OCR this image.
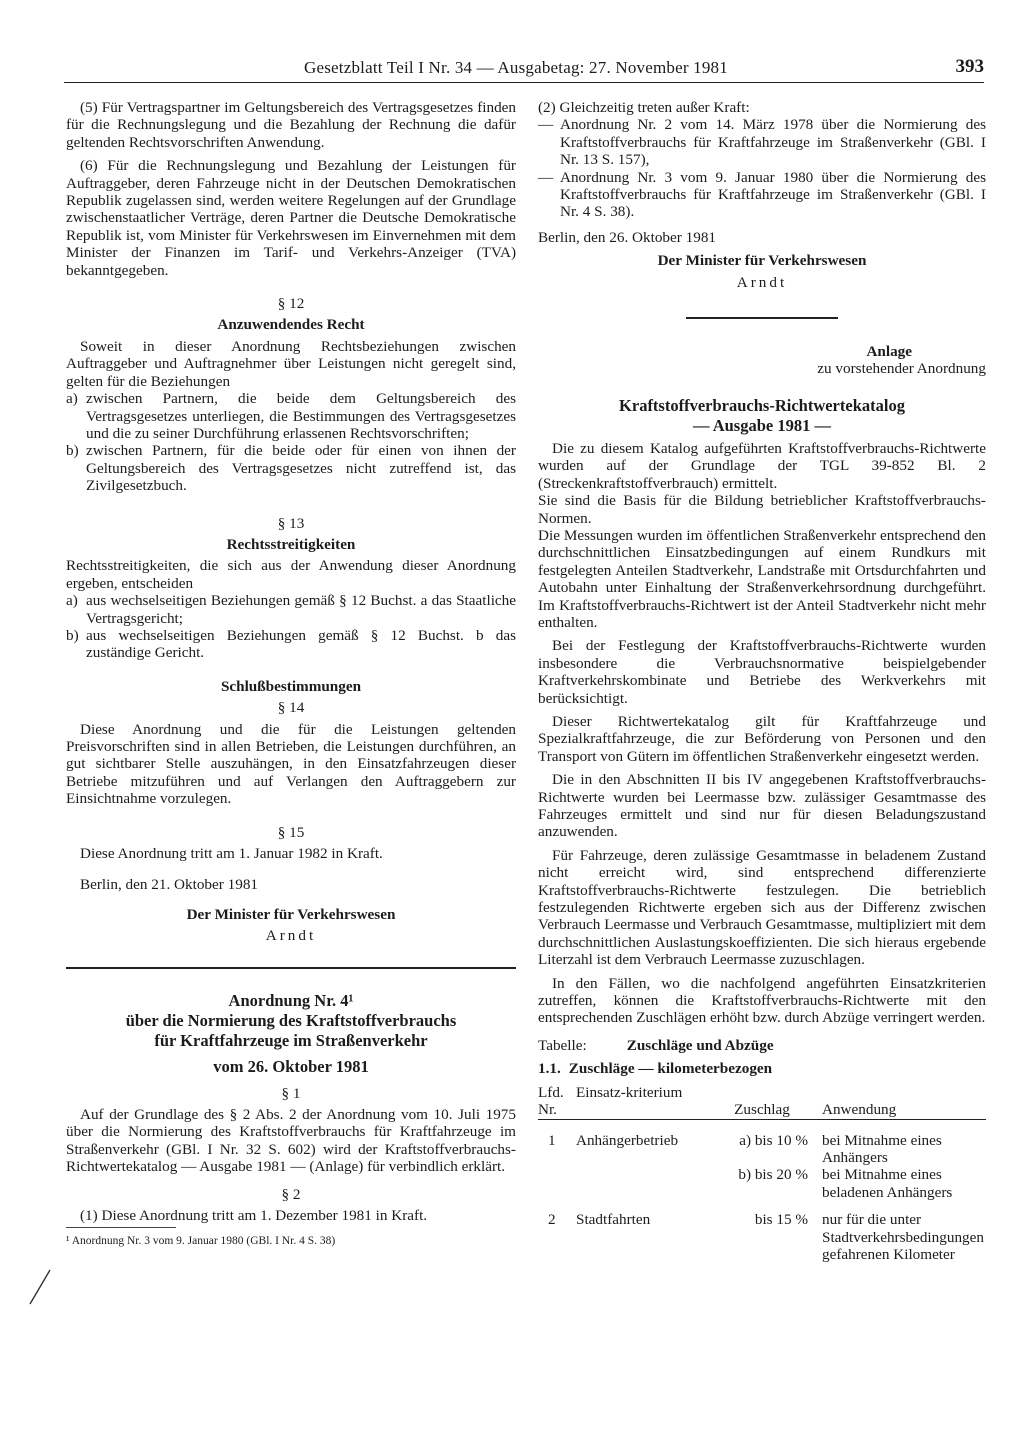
Gesetzblatt Teil I Nr. 34 — Ausgabetag: 27. November 1981	393

(5) Für Vertragspartner im Geltungsbereich des Vertragsgesetzes finden für die Rechnungslegung und die Bezahlung der Rechnung die dafür geltenden Rechtsvorschriften Anwendung.

(6) Für die Rechnungslegung und Bezahlung der Leistungen für Auftraggeber, deren Fahrzeuge nicht in der Deutschen Demokratischen Republik zugelassen sind, werden weitere Regelungen auf der Grundlage zwischenstaatlicher Verträge, deren Partner die Deutsche Demokratische Republik ist, vom Minister für Verkehrswesen im Einvernehmen mit dem Minister der Finanzen im Tarif- und Verkehrs-Anzeiger (TVA) bekanntgegeben.

§ 12
Anzuwendendes Recht

Soweit in dieser Anordnung Rechtsbeziehungen zwischen Auftraggeber und Auftragnehmer über Leistungen nicht geregelt sind, gelten für die Beziehungen

a) zwischen Partnern, die beide dem Geltungsbereich des Vertragsgesetzes unterliegen, die Bestimmungen des Vertragsgesetzes und die zu seiner Durchführung erlassenen Rechtsvorschriften;
b) zwischen Partnern, für die beide oder für einen von ihnen der Geltungsbereich des Vertragsgesetzes nicht zutreffend ist, das Zivilgesetzbuch.
§ 13
Rechtsstreitigkeiten

Rechtsstreitigkeiten, die sich aus der Anwendung dieser Anordnung ergeben, entscheiden

a) aus wechselseitigen Beziehungen gemäß § 12 Buchst. a das Staatliche Vertragsgericht;
b) aus wechselseitigen Beziehungen gemäß § 12 Buchst. b das zuständige Gericht.
Schlußbestimmungen
§ 14

Diese Anordnung und die für die Leistungen geltenden Preisvorschriften sind in allen Betrieben, die Leistungen durchführen, an gut sichtbarer Stelle auszuhängen, in den Einsatzfahrzeugen dieser Betriebe mitzuführen und auf Verlangen den Auftraggebern zur Einsichtnahme vorzulegen.

§ 15

Diese Anordnung tritt am 1. Januar 1982 in Kraft.

Berlin, den 21. Oktober 1981

Der Minister für Verkehrswesen
Arndt
Anordnung Nr. 4¹
über die Normierung des Kraftstoffverbrauchs
für Kraftfahrzeuge im Straßenverkehr
vom 26. Oktober 1981
§ 1

Auf der Grundlage des § 2 Abs. 2 der Anordnung vom 10. Juli 1975 über die Normierung des Kraftstoffverbrauchs für Kraftfahrzeuge im Straßenverkehr (GBl. I Nr. 32 S. 602) wird der Kraftstoffverbrauchs-Richtwertekatalog — Ausgabe 1981 — (Anlage) für verbindlich erklärt.

§ 2

(1) Diese Anordnung tritt am 1. Dezember 1981 in Kraft.

¹ Anordnung Nr. 3 vom 9. Januar 1980 (GBl. I Nr. 4 S. 38)

(2) Gleichzeitig treten außer Kraft:

— Anordnung Nr. 2 vom 14. März 1978 über die Normierung des Kraftstoffverbrauchs für Kraftfahrzeuge im Straßenverkehr (GBl. I Nr. 13 S. 157),
— Anordnung Nr. 3 vom 9. Januar 1980 über die Normierung des Kraftstoffverbrauchs für Kraftfahrzeuge im Straßenverkehr (GBl. I Nr. 4 S. 38).

Berlin, den 26. Oktober 1981

Der Minister für Verkehrswesen
Arndt
Anlage
zu vorstehender Anordnung
Kraftstoffverbrauchs-Richtwertekatalog
— Ausgabe 1981 —

Die zu diesem Katalog aufgeführten Kraftstoffverbrauchs-Richtwerte wurden auf der Grundlage der TGL 39-852 Bl. 2 (Streckenkraftstoffverbrauch) ermittelt.

Sie sind die Basis für die Bildung betrieblicher Kraftstoffverbrauchs-Normen.

Die Messungen wurden im öffentlichen Straßenverkehr entsprechend den durchschnittlichen Einsatzbedingungen auf einem Rundkurs mit festgelegten Anteilen Stadtverkehr, Landstraße mit Ortsdurchfahrten und Autobahn unter Einhaltung der Straßenverkehrsordnung durchgeführt. Im Kraftstoffverbrauchs-Richtwert ist der Anteil Stadtverkehr nicht mehr enthalten.

Bei der Festlegung der Kraftstoffverbrauchs-Richtwerte wurden insbesondere die Verbrauchsnormative beispielgebender Kraftverkehrskombinate und Betriebe des Werkverkehrs mit berücksichtigt.

Dieser Richtwertekatalog gilt für Kraftfahrzeuge und Spezialkraftfahrzeuge, die zur Beförderung von Personen und den Transport von Gütern im öffentlichen Straßenverkehr eingesetzt werden.

Die in den Abschnitten II bis IV angegebenen Kraftstoffverbrauchs-Richtwerte wurden bei Leermasse bzw. zulässiger Gesamtmasse des Fahrzeuges ermittelt und sind nur für diesen Beladungszustand anzuwenden.

Für Fahrzeuge, deren zulässige Gesamtmasse in beladenem Zustand nicht erreicht wird, sind entsprechend differenzierte Kraftstoffverbrauchs-Richtwerte festzulegen. Die betrieblich festzulegenden Richtwerte ergeben sich aus der Differenz zwischen Verbrauch Leermasse und Verbrauch Gesamtmasse, multipliziert mit dem durchschnittlichen Auslastungskoeffizienten. Die sich hieraus ergebende Literzahl ist dem Verbrauch Leermasse zuzuschlagen.

In den Fällen, wo die nachfolgend angeführten Einsatzkriterien zutreffen, können die Kraftstoffverbrauchs-Richtwerte mit den entsprechenden Zuschlägen erhöht bzw. durch Abzüge verringert werden.

Tabelle:	Zuschläge und Abzüge
1.1. Zuschläge — kilometerbezogen
Lfd. Nr.	Einsatz-kriterium	Zuschlag	Anwendung
1	Anhängerbetrieb	a) bis 10 %	bei Mitnahme eines Anhängers
		b) bis 20 %	bei Mitnahme eines beladenen Anhängers
2	Stadtfahrten	bis 15 %	nur für die unter Stadtverkehrsbedingungen gefahrenen Kilometer
